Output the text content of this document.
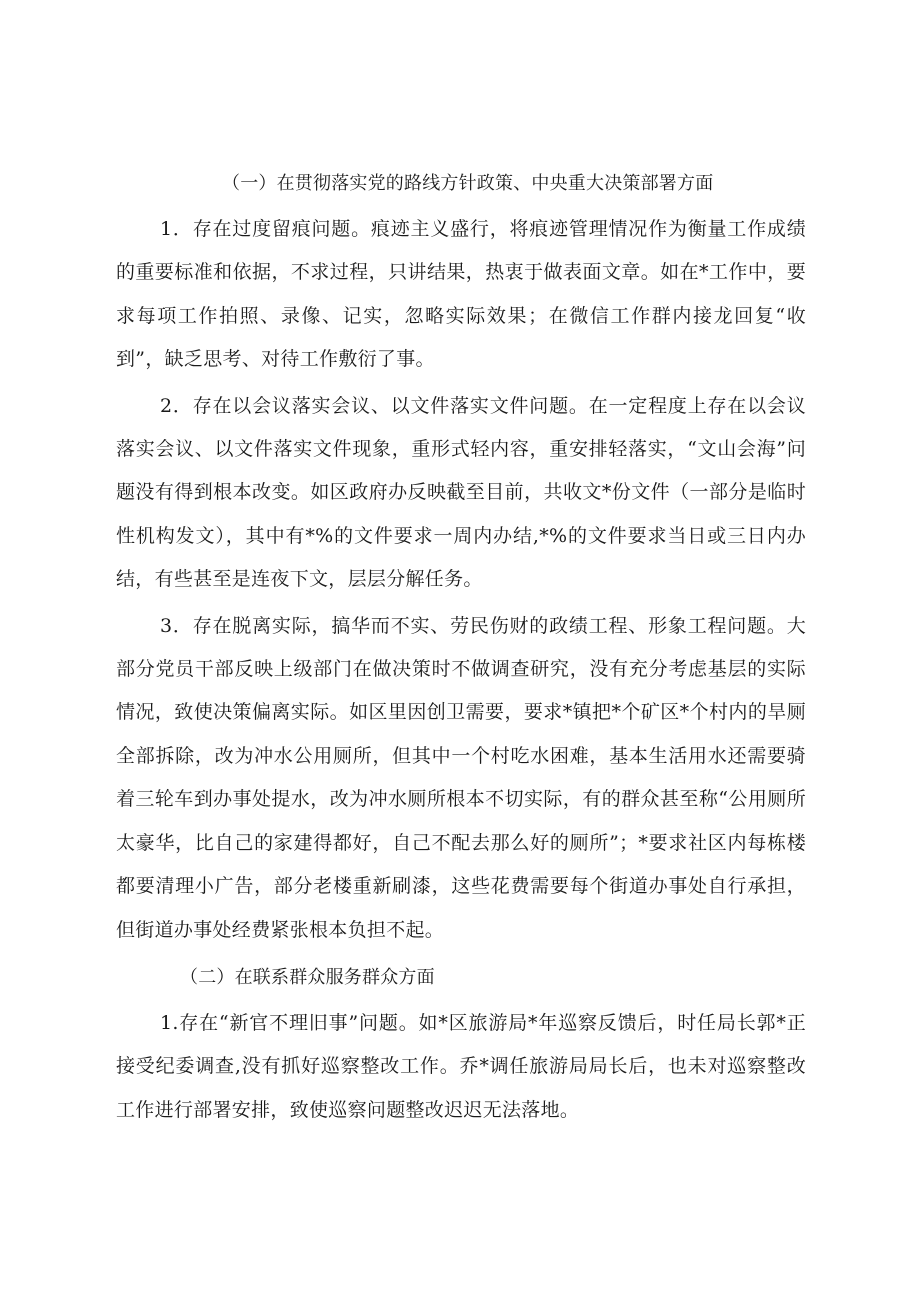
（一）在贯彻落实党的路线方针政策、中央重大决策部署方面

1．存在过度留痕问题。痕迹主义盛行，将痕迹管理情况作为衡量工作成绩的重要标准和依据，不求过程，只讲结果，热衷于做表面文章。如在*工作中，要求每项工作拍照、录像、记实，忽略实际效果；在微信工作群内接龙回复“收到”，缺乏思考、对待工作敷衍了事。

2．存在以会议落实会议、以文件落实文件问题。在一定程度上存在以会议落实会议、以文件落实文件现象，重形式轻内容，重安排轻落实，“文山会海”问题没有得到根本改变。如区政府办反映截至目前，共收文*份文件（一部分是临时性机构发文），其中有*%的文件要求一周内办结,*%的文件要求当日或三日内办结，有些甚至是连夜下文，层层分解任务。

3．存在脱离实际，搞华而不实、劳民伤财的政绩工程、形象工程问题。大部分党员干部反映上级部门在做决策时不做调查研究，没有充分考虑基层的实际情况，致使决策偏离实际。如区里因创卫需要，要求*镇把*个矿区*个村内的旱厕全部拆除，改为冲水公用厕所，但其中一个村吃水困难，基本生活用水还需要骑着三轮车到办事处提水，改为冲水厕所根本不切实际，有的群众甚至称“公用厕所太豪华，比自己的家建得都好，自己不配去那么好的厕所”；*要求社区内每栋楼都要清理小广告，部分老楼重新刷漆，这些花费需要每个街道办事处自行承担，但街道办事处经费紧张根本负担不起。

（二）在联系群众服务群众方面

1.存在“新官不理旧事”问题。如*区旅游局*年巡察反馈后，时任局长郭*正接受纪委调查,没有抓好巡察整改工作。乔*调任旅游局局长后，也未对巡察整改工作进行部署安排，致使巡察问题整改迟迟无法落地。
